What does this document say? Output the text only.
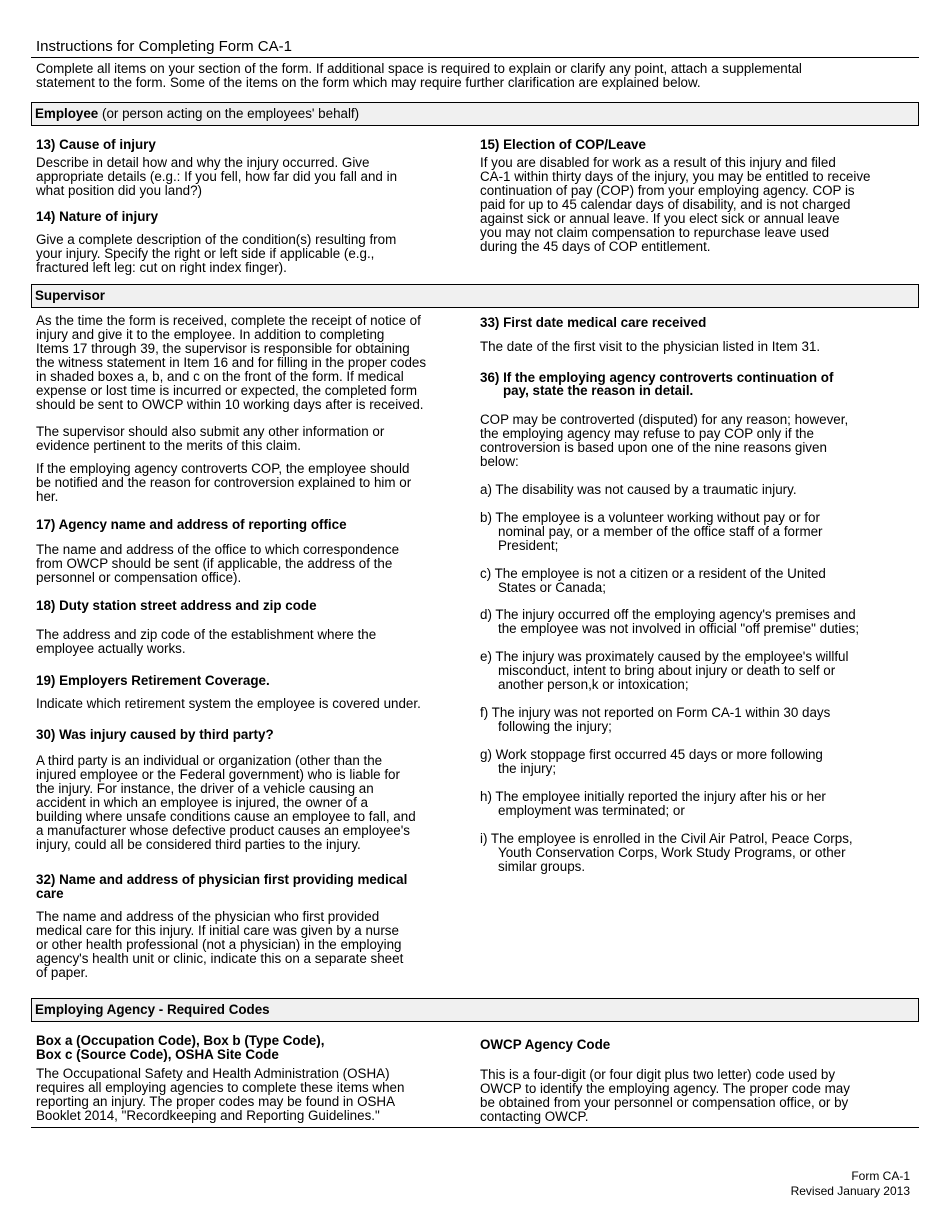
Instructions for Completing Form CA-1

Complete all items on your section of the form. If additional space is required to explain or clarify any point, attach a supplemental
statement to the form. Some of the items on the form which may require further clarification are explained below.

Employee (or person acting on the employees' behalf)

13) Cause of injury

Describe in detail how and why the injury occurred. Give
appropriate details (e.g.: If you fell, how far did you fall and in
what position did you land?)

14) Nature of injury

Give a complete description of the condition(s) resulting from
your injury. Specify the right or left side if applicable (e.g.,
fractured left leg: cut on right index finger).

15) Election of COP/Leave

If you are disabled for work as a result of this injury and filed
CA-1 within thirty days of the injury, you may be entitled to receive
continuation of pay (COP) from your employing agency. COP is
paid for up to 45 calendar days of disability, and is not charged
against sick or annual leave. If you elect sick or annual leave
you may not claim compensation to repurchase leave used
during the 45 days of COP entitlement.

Supervisor

As the time the form is received, complete the receipt of notice of
injury and give it to the employee. In addition to completing
Items 17 through 39, the supervisor is responsible for obtaining
the witness statement in Item 16 and for filling in the proper codes
in shaded boxes a, b, and c on the front of the form. If medical
expense or lost time is incurred or expected, the completed form
should be sent to OWCP within 10 working days after is received.

The supervisor should also submit any other information or
evidence pertinent to the merits of this claim.

If the employing agency controverts COP, the employee should
be notified and the reason for controversion explained to him or
her.

17) Agency name and address of reporting office

The name and address of the office to which correspondence
from OWCP should be sent (if applicable, the address of the
personnel or compensation office).

18) Duty station street address and zip code

The address and zip code of the establishment where the
employee actually works.

19) Employers Retirement Coverage.

Indicate which retirement system the employee is covered under.

30) Was injury caused by third party?

A third party is an individual or organization (other than the
injured employee or the Federal government) who is liable for
the injury. For instance, the driver of a vehicle causing an
accident in which an employee is injured, the owner of a
building where unsafe conditions cause an employee to fall, and
a manufacturer whose defective product causes an employee's
injury, could all be considered third parties to the injury.

32) Name and address of physician first providing medical
care

The name and address of the physician who first provided
medical care for this injury. If initial care was given by a nurse
or other health professional (not a physician) in the employing
agency's health unit or clinic, indicate this on a separate sheet
of paper.

33) First date medical care received

The date of the first visit to the physician listed in Item 31.

36) If the employing agency controverts continuation of

pay, state the reason in detail.

COP may be controverted (disputed) for any reason; however,
the employing agency may refuse to pay COP only if the
controversion is based upon one of the nine reasons given
below:

a) The disability was not caused by a traumatic injury.

b) The employee is a volunteer working without pay or for
nominal pay, or a member of the office staff of a former
President;

c) The employee is not a citizen or a resident of the United
States or Canada;

d) The injury occurred off the employing agency's premises and
the employee was not involved in official "off premise" duties;

e) The injury was proximately caused by the employee's willful
misconduct, intent to bring about injury or death to self or
another person,k or intoxication;

f) The injury was not reported on Form CA-1 within 30 days
following the injury;

g) Work stoppage first occurred 45 days or more following
the injury;

h) The employee initially reported the injury after his or her
employment was terminated; or

i) The employee is enrolled in the Civil Air Patrol, Peace Corps,
Youth Conservation Corps, Work Study Programs, or other
similar groups.

Employing Agency - Required Codes

Box a (Occupation Code), Box b (Type Code),
Box c (Source Code), OSHA Site Code

The Occupational Safety and Health Administration (OSHA)
requires all employing agencies to complete these items when
reporting an injury. The proper codes may be found in OSHA
Booklet 2014, "Recordkeeping and Reporting Guidelines."

OWCP Agency Code

This is a four-digit (or four digit plus two letter) code used by
OWCP to identify the employing agency. The proper code may
be obtained from your personnel or compensation office, or by
contacting OWCP.

Form CA-1
Revised January 2013
